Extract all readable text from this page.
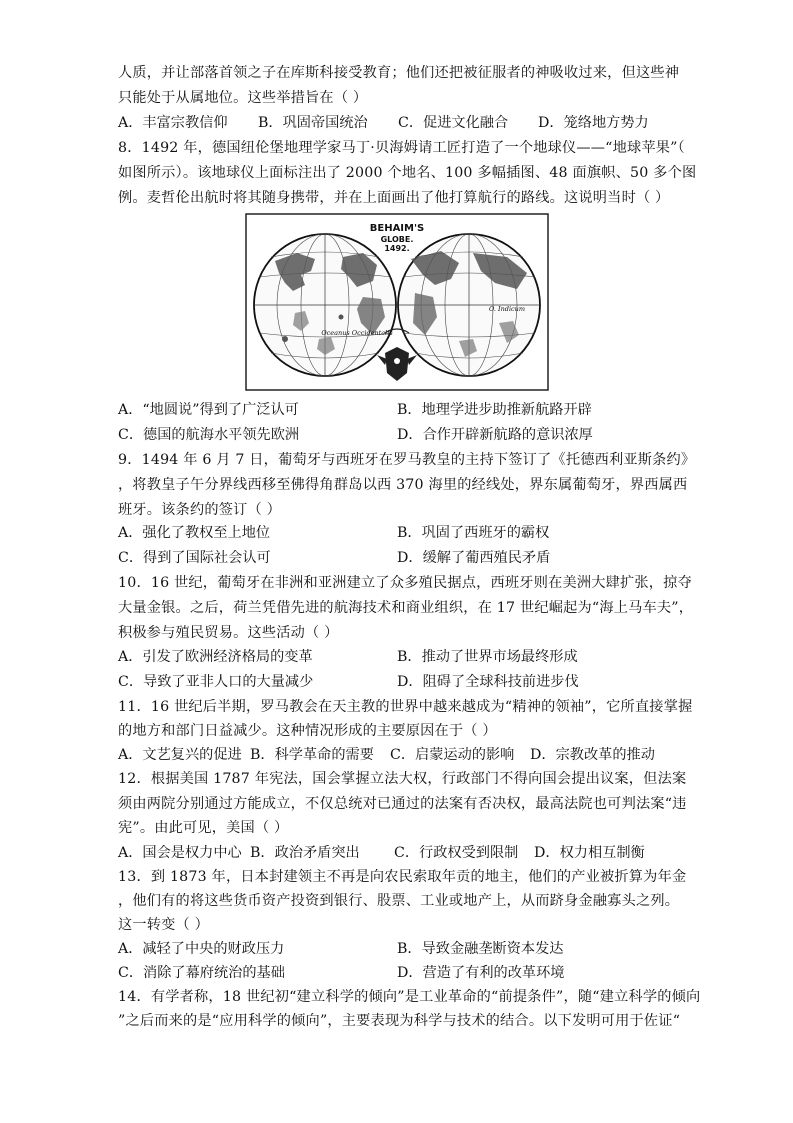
人质，并让部落首领之子在库斯科接受教育；他们还把被征服者的神吸收过来，但这些神
只能处于从属地位。这些举措旨在（ ）
A．丰富宗教信仰 B．巩固帝国统治 C．促进文化融合 D．笼络地方势力
8．1492 年，德国纽伦堡地理学家马丁·贝海姆请工匠打造了一个地球仪——“地球苹果”（
如图所示）。该地球仪上面标注出了 2000 个地名、100 多幅插图、48 面旗帜、50 多个图
例。麦哲伦出航时将其随身携带，并在上面画出了他打算航行的路线。这说明当时（ ）
BEHAIM'S
GLOBE.
1492.
Oceanus Occidentalis
O. Indicum
A．“地圆说”得到了广泛认可	B．地理学进步助推新航路开辟
C．德国的航海水平领先欧洲	D．合作开辟新航路的意识浓厚
9．1494 年 6 月 7 日，葡萄牙与西班牙在罗马教皇的主持下签订了《托德西利亚斯条约》
，将教皇子午分界线西移至佛得角群岛以西 370 海里的经线处，界东属葡萄牙，界西属西
班牙。该条约的签订（ ）
A．强化了教权至上地位	B．巩固了西班牙的霸权
C．得到了国际社会认可	D．缓解了葡西殖民矛盾
10．16 世纪，葡萄牙在非洲和亚洲建立了众多殖民据点，西班牙则在美洲大肆扩张，掠夺
大量金银。之后，荷兰凭借先进的航海技术和商业组织，在 17 世纪崛起为“海上马车夫”，
积极参与殖民贸易。这些活动（ ）
A．引发了欧洲经济格局的变革	B．推动了世界市场最终形成
C．导致了亚非人口的大量减少	D．阻碍了全球科技前进步伐
11．16 世纪后半期，罗马教会在天主教的世界中越来越成为“精神的领袖”，它所直接掌握
的地方和部门日益减少。这种情况形成的主要原因在于（ ）
A．文艺复兴的促进 B．科学革命的需要 C．启蒙运动的影响 D．宗教改革的推动
12．根据美国 1787 年宪法，国会掌握立法大权，行政部门不得向国会提出议案，但法案
须由两院分别通过方能成立，不仅总统对已通过的法案有否决权，最高法院也可判法案“违
宪”。由此可见，美国（ ）
A．国会是权力中心 B．政治矛盾突出 C．行政权受到限制 D．权力相互制衡
13．到 1873 年，日本封建领主不再是向农民索取年贡的地主，他们的产业被折算为年金
，他们有的将这些货币资产投资到银行、股票、工业或地产上，从而跻身金融寡头之列。
这一转变（ ）
A．减轻了中央的财政压力	B．导致金融垄断资本发达
C．消除了幕府统治的基础	D．营造了有利的改革环境
14．有学者称，18 世纪初“建立科学的倾向”是工业革命的“前提条件”，随“建立科学的倾向
”之后而来的是“应用科学的倾向”，主要表现为科学与技术的结合。以下发明可用于佐证“
